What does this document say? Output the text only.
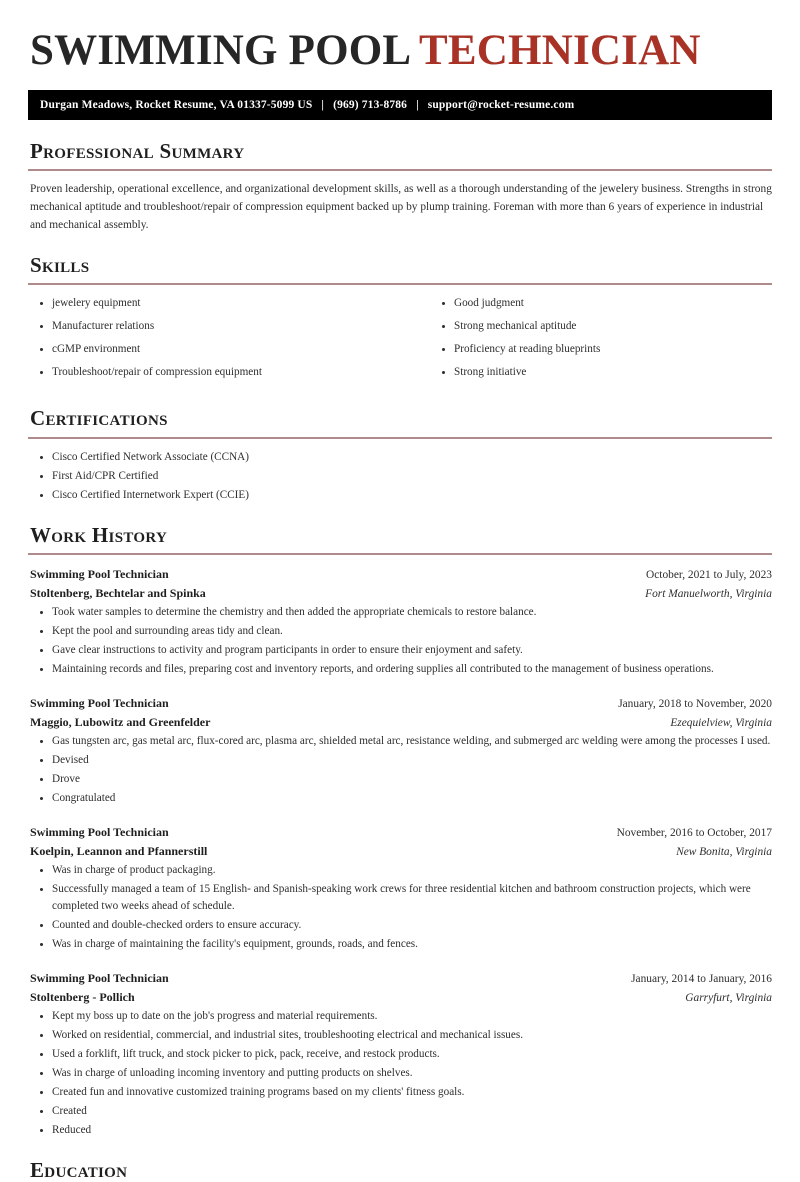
SWIMMING POOL TECHNICIAN
Durgan Meadows, Rocket Resume, VA 01337-5099 US | (969) 713-8786 | support@rocket-resume.com
Professional Summary

Proven leadership, operational excellence, and organizational development skills, as well as a thorough understanding of the jewelery business. Strengths in strong mechanical aptitude and troubleshoot/repair of compression equipment backed up by plump training. Foreman with more than 6 years of experience in industrial and mechanical assembly.

Skills
jewelery equipment
Manufacturer relations
cGMP environment
Troubleshoot/repair of compression equipment
Good judgment
Strong mechanical aptitude
Proficiency at reading blueprints
Strong initiative
Certifications
Cisco Certified Network Associate (CCNA)
First Aid/CPR Certified
Cisco Certified Internetwork Expert (CCIE)
Work History
Swimming Pool Technician	October, 2021 to July, 2023
Stoltenberg, Bechtelar and Spinka	Fort Manuelworth, Virginia
Took water samples to determine the chemistry and then added the appropriate chemicals to restore balance.
Kept the pool and surrounding areas tidy and clean.
Gave clear instructions to activity and program participants in order to ensure their enjoyment and safety.
Maintaining records and files, preparing cost and inventory reports, and ordering supplies all contributed to the management of business operations.
Swimming Pool Technician	January, 2018 to November, 2020
Maggio, Lubowitz and Greenfelder	Ezequielview, Virginia
Gas tungsten arc, gas metal arc, flux-cored arc, plasma arc, shielded metal arc, resistance welding, and submerged arc welding were among the processes I used.
Devised
Drove
Congratulated
Swimming Pool Technician	November, 2016 to October, 2017
Koelpin, Leannon and Pfannerstill	New Bonita, Virginia
Was in charge of product packaging.
Successfully managed a team of 15 English- and Spanish-speaking work crews for three residential kitchen and bathroom construction projects, which were completed two weeks ahead of schedule.
Counted and double-checked orders to ensure accuracy.
Was in charge of maintaining the facility's equipment, grounds, roads, and fences.
Swimming Pool Technician	January, 2014 to January, 2016
Stoltenberg - Pollich	Garryfurt, Virginia
Kept my boss up to date on the job's progress and material requirements.
Worked on residential, commercial, and industrial sites, troubleshooting electrical and mechanical issues.
Used a forklift, lift truck, and stock picker to pick, pack, receive, and restock products.
Was in charge of unloading incoming inventory and putting products on shelves.
Created fun and innovative customized training programs based on my clients' fitness goals.
Created
Reduced
Education
